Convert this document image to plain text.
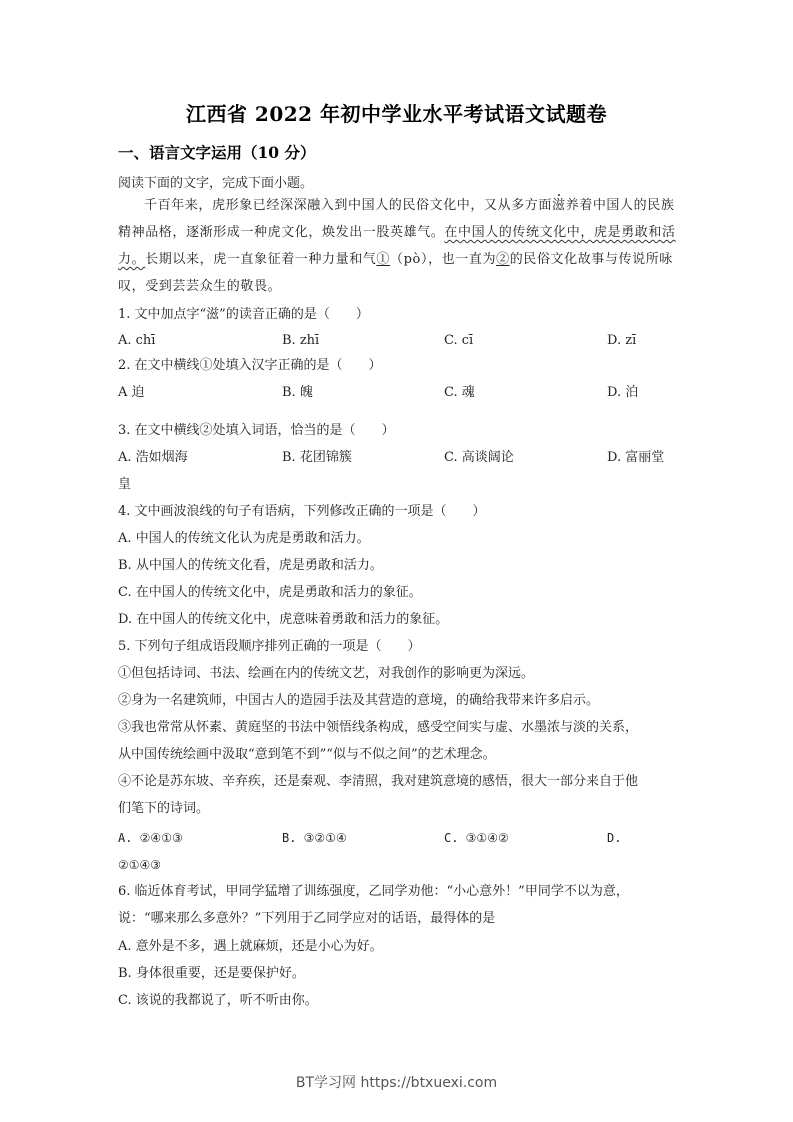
江西省 2022 年初中学业水平考试语文试题卷
一、语言文字运用（10 分）
阅读下面的文字，完成下面小题。
千百年来，虎形象已经深深融入到中国人的民俗文化中，又从多方面滋养着中国人的民族精神品格，逐渐形成一种虎文化，焕发出一股英雄气。在中国人的传统文化中，虎是勇敢和活力。长期以来，虎一直象征着一种力量和气①（pò），也一直为②的民俗文化故事与传说所咏叹，受到芸芸众生的敬畏。
1. 文中加点字“滋”的读音正确的是（　　）
A. chī	B. zhī	C. cī	D. zī
2. 在文中横线①处填入汉字正确的是（　　）
A 迫	B. 魄	C. 魂	D. 泊
3. 在文中横线②处填入词语，恰当的是（　　）
A. 浩如烟海	B. 花团锦簇	C. 高谈阔论	D. 富丽堂
皇
4. 文中画波浪线的句子有语病，下列修改正确的一项是（　　）
A. 中国人的传统文化认为虎是勇敢和活力。
B. 从中国人的传统文化看，虎是勇敢和活力。
C. 在中国人的传统文化中，虎是勇敢和活力的象征。
D. 在中国人的传统文化中，虎意味着勇敢和活力的象征。
5. 下列句子组成语段顺序排列正确的一项是（　　）
①但包括诗词、书法、绘画在内的传统文艺，对我创作的影响更为深远。
②身为一名建筑师，中国古人的造园手法及其营造的意境，的确给我带来许多启示。
③我也常常从怀素、黄庭坚的书法中领悟线条构成，感受空间实与虚、水墨浓与淡的关系，
从中国传统绘画中汲取“意到笔不到”“似与不似之间”的艺术理念。
④不论是苏东坡、辛弃疾，还是秦观、李清照，我对建筑意境的感悟，很大一部分来自于他
们笔下的诗词。
A. ②④①③	B. ③②①④	C. ③①④②	D.
②①④③
6. 临近体育考试，甲同学猛增了训练强度，乙同学劝他：“小心意外！”甲同学不以为意，
说：“哪来那么多意外？”下列用于乙同学应对的话语，最得体的是
A. 意外是不多，遇上就麻烦，还是小心为好。
B. 身体很重要，还是要保护好。
C. 该说的我都说了，听不听由你。
BT学习网 https://btxuexi.com
